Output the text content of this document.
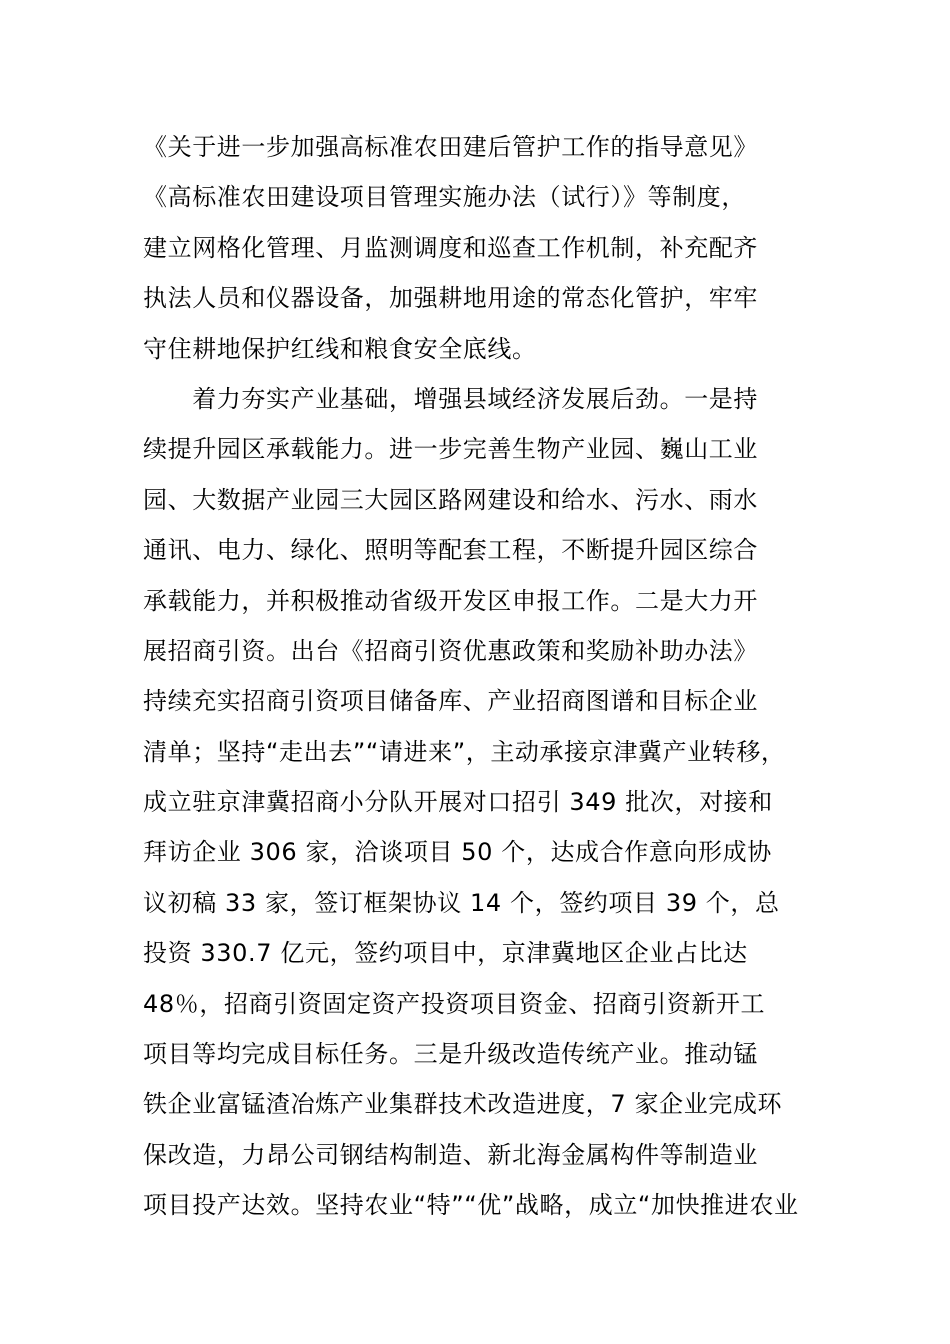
《关于进一步加强高标准农田建后管护工作的指导意见》
《高标准农田建设项目管理实施办法（试行）》等制度，
建立网格化管理、月监测调度和巡查工作机制，补充配齐
执法人员和仪器设备，加强耕地用途的常态化管护，牢牢
守住耕地保护红线和粮食安全底线。
　　着力夯实产业基础，增强县域经济发展后劲。一是持
续提升园区承载能力。进一步完善生物产业园、巍山工业
园、大数据产业园三大园区路网建设和给水、污水、雨水
通讯、电力、绿化、照明等配套工程，不断提升园区综合
承载能力，并积极推动省级开发区申报工作。二是大力开
展招商引资。出台《招商引资优惠政策和奖励补助办法》
持续充实招商引资项目储备库、产业招商图谱和目标企业
清单；坚持“走出去”“请进来”，主动承接京津冀产业转移，
成立驻京津冀招商小分队开展对口招引 349 批次，对接和
拜访企业 306 家，洽谈项目 50 个，达成合作意向形成协
议初稿 33 家，签订框架协议 14 个，签约项目 39 个，总
投资 330.7 亿元，签约项目中，京津冀地区企业占比达
48％，招商引资固定资产投资项目资金、招商引资新开工
项目等均完成目标任务。三是升级改造传统产业。推动锰
铁企业富锰渣冶炼产业集群技术改造进度，7 家企业完成环
保改造，力昂公司钢结构制造、新北海金属构件等制造业
项目投产达效。坚持农业“特”“优”战略，成立“加快推进农业
